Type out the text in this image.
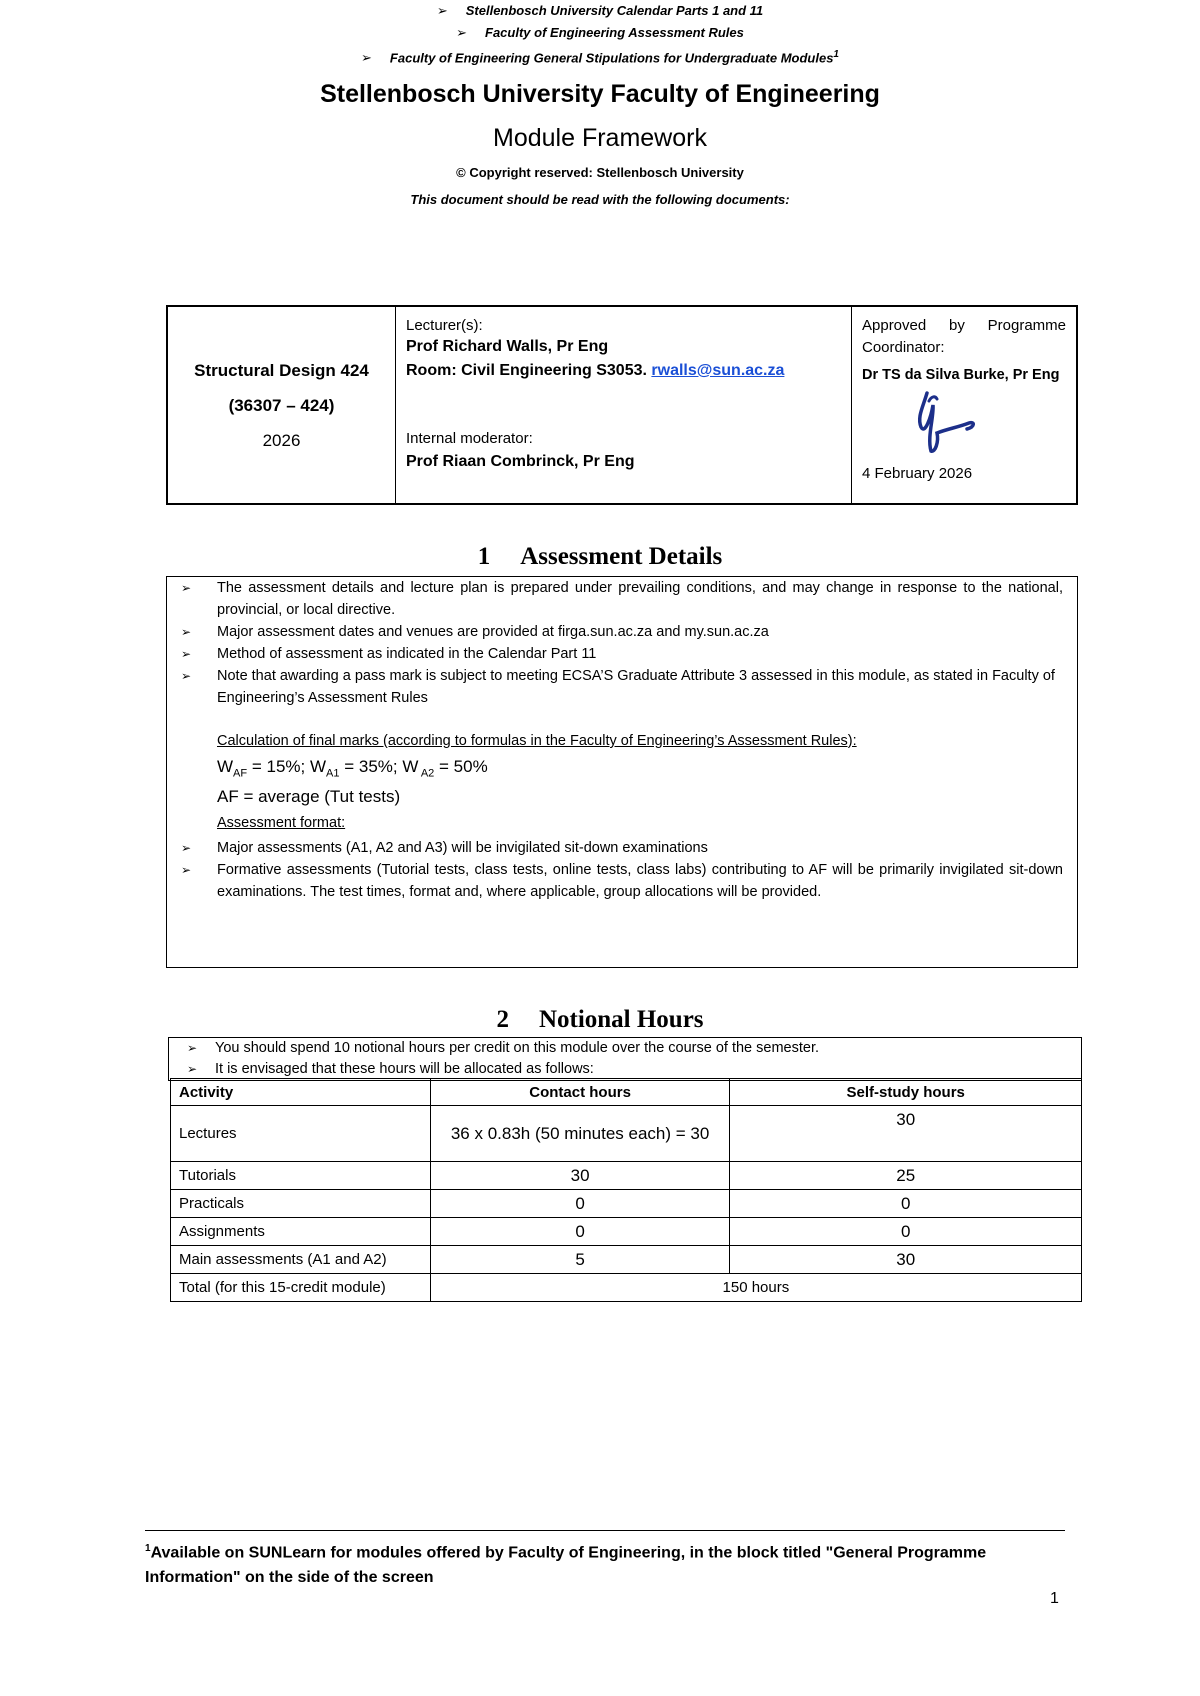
Stellenbosch University Faculty of Engineering
Module Framework
© Copyright reserved: Stellenbosch University
This document should be read with the following documents:
➢ Stellenbosch University Calendar Parts 1 and 11
➢ Faculty of Engineering Assessment Rules
➢ Faculty of Engineering General Stipulations for Undergraduate Modules$^1$
Structural Design 424
(36307 – 424)
2026
Lecturer(s):
Prof Richard Walls, Pr Eng
Room: Civil Engineering S3053. rwalls@sun.ac.za
Internal moderator:
Prof Riaan Combrinck, Pr Eng
Approved by Programme Coordinator:
Dr TS da Silva Burke, Pr Eng
4 February 2026
1 Assessment Details
➢ The assessment details and lecture plan is prepared under prevailing conditions, and may change in response to the national, provincial, or local directive.
➢ Major assessment dates and venues are provided at firga.sun.ac.za and my.sun.ac.za
➢ Method of assessment as indicated in the Calendar Part 11
➢ Note that awarding a pass mark is subject to meeting ECSA’S Graduate Attribute 3 assessed in this module, as stated in Faculty of Engineering’s Assessment Rules
Calculation of final marks (according to formulas in the Faculty of Engineering’s Assessment Rules):
$W_{AF} = 15\%$; $W_{A1} = 35\%$; W $_{A2}$ = 50%
AF = average (Tut tests)
Assessment format:
➢ Major assessments (A1, A2 and A3) will be invigilated sit-down examinations
➢ Formative assessments (Tutorial tests, class tests, online tests, class labs) contributing to AF will be primarily invigilated sit-down examinations. The test times, format and, where applicable, group allocations will be provided.
2 Notional Hours
➢ You should spend 10 notional hours per credit on this module over the course of the semester.
➢ It is envisaged that these hours will be allocated as follows:
Activity	Contact hours	Self-study hours
Lectures	36 x 0.83h (50 minutes each) = 30	30
Tutorials	30	25
Practicals	0	0
Assignments	0	0
Main assessments (A1 and A2)	5	30
Total (for this 15-credit module)	150 hours	
$^1$Available on SUNLearn for modules offered by Faculty of Engineering, in the block titled "General Programme Information" on the side of the screen
1
